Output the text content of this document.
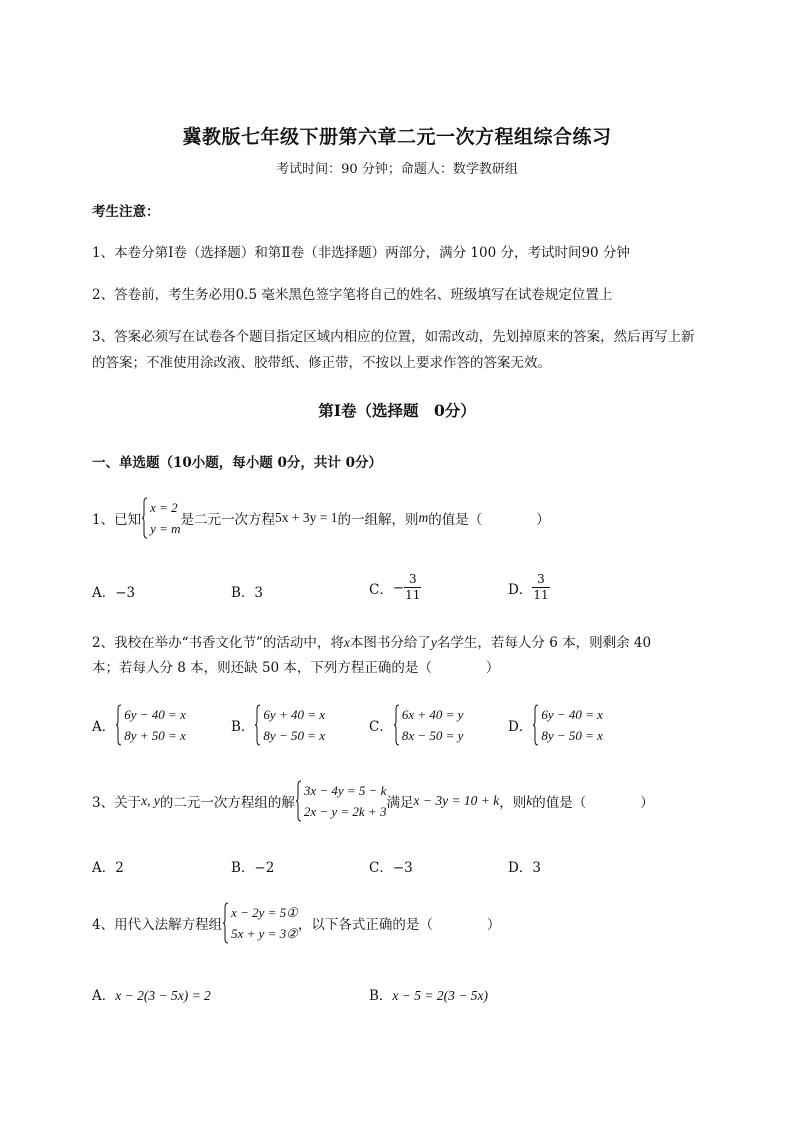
冀教版七年级下册第六章二元一次方程组综合练习
考试时间：90 分钟；命题人：数学教研组
考生注意：
1、本卷分第Ⅰ卷（选择题）和第Ⅱ卷（非选择题）两部分，满分 100 分，考试时间90 分钟
2、答卷前，考生务必用0.5 毫米黑色签字笔将自己的姓名、班级填写在试卷规定位置上
3、答案必须写在试卷各个题目指定区域内相应的位置，如需改动，先划掉原来的答案，然后再写上新
的答案；不准使用涂改液、胶带纸、修正带，不按以上要求作答的答案无效。
第Ⅰ卷（选择题　0分）
一、单选题（10小题，每小题 0分，共计 0分）
1、已知
x = 2
y = m
是二元一次方程 5x + 3y = 1 的一组解，则 m 的值是（　　　　）
A．−3	B．3	C． − $\frac{3}{11}$	D． $\frac{3}{11}$
2、我校在举办“书香文化节”的活动中，将x本图书分给了y名学生，若每人分 6 本，则剩余 40
本；若每人分 8 本，则还缺 50 本，下列方程正确的是（　　　　）
A．
6y − 40 = x
8y + 50 = x
B．
6y + 40 = x
8y − 50 = x
C．
6x + 40 = y
8x − 50 = y
D．
6y − 40 = x
8y − 50 = x
3、关于 x, y 的二元一次方程组的解
3x − 4y = 5 − k
2x − y = 2k + 3
满足 x − 3y = 10 + k ，则 k 的值是（　　　　）
A．2	B．−2	C．−3	D．3
4、用代入法解方程组
x − 2y = 5①
5x + y = 3②
，以下各式正确的是（　　　　）
A．x − 2(3 − 5x) = 2	B．x − 5 = 2(3 − 5x)
